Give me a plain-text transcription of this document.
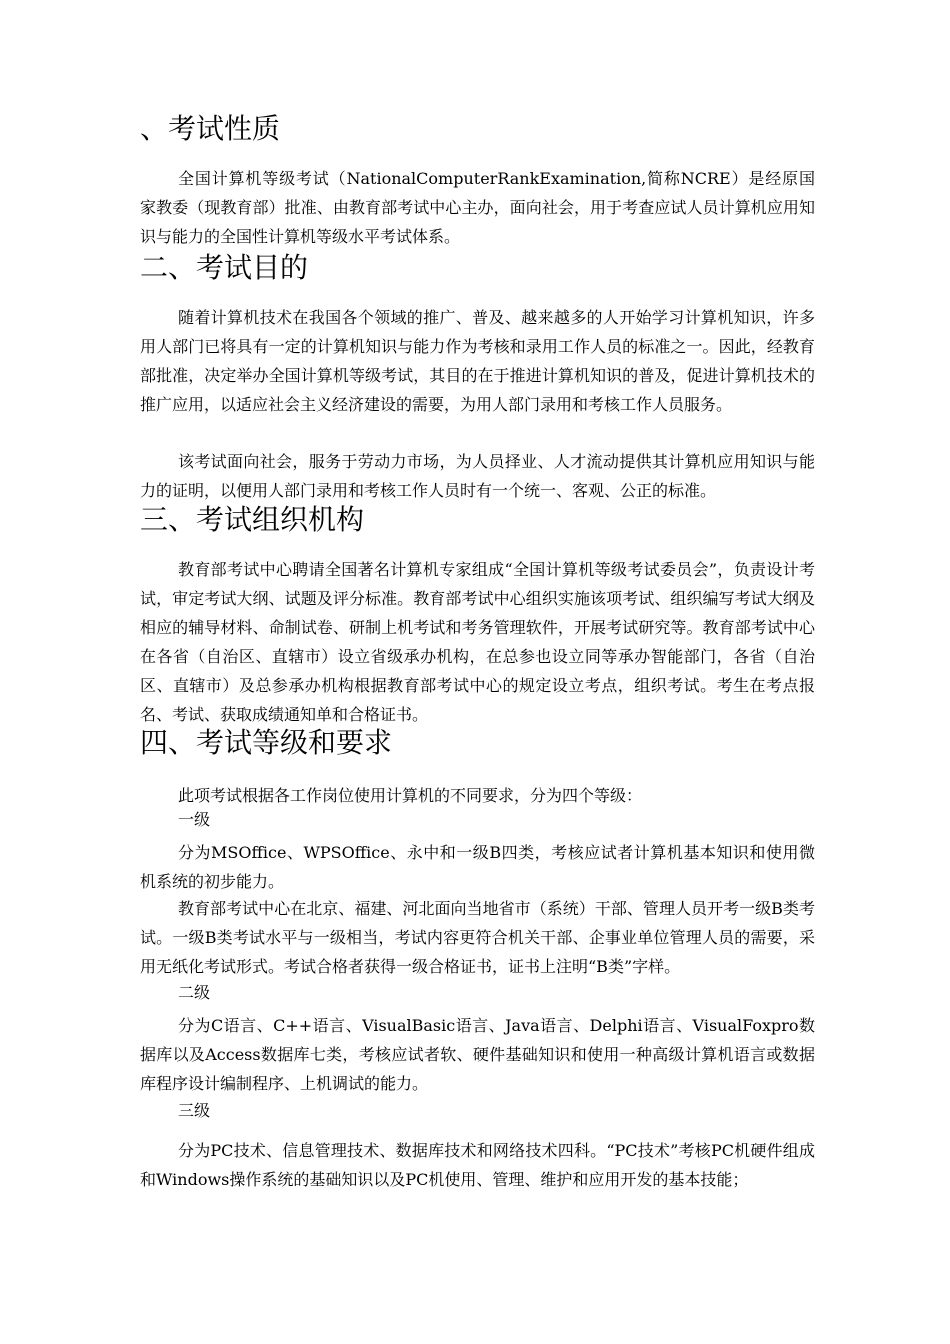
、考试性质

全国计算机等级考试（NationalComputerRankExamination,简称NCRE）是经原国家教委（现教育部）批准、由教育部考试中心主办，面向社会，用于考查应试人员计算机应用知识与能力的全国性计算机等级水平考试体系。

二、考试目的

随着计算机技术在我国各个领域的推广、普及、越来越多的人开始学习计算机知识，许多用人部门已将具有一定的计算机知识与能力作为考核和录用工作人员的标准之一。因此，经教育部批准，决定举办全国计算机等级考试，其目的在于推进计算机知识的普及，促进计算机技术的推广应用，以适应社会主义经济建设的需要，为用人部门录用和考核工作人员服务。

该考试面向社会，服务于劳动力市场，为人员择业、人才流动提供其计算机应用知识与能力的证明，以便用人部门录用和考核工作人员时有一个统一、客观、公正的标准。

三、考试组织机构

教育部考试中心聘请全国著名计算机专家组成“全国计算机等级考试委员会”，负责设计考试，审定考试大纲、试题及评分标准。教育部考试中心组织实施该项考试、组织编写考试大纲及相应的辅导材料、命制试卷、研制上机考试和考务管理软件，开展考试研究等。教育部考试中心在各省（自治区、直辖市）设立省级承办机构，在总参也设立同等承办智能部门，各省（自治区、直辖市）及总参承办机构根据教育部考试中心的规定设立考点，组织考试。考生在考点报名、考试、获取成绩通知单和合格证书。

四、考试等级和要求

此项考试根据各工作岗位使用计算机的不同要求，分为四个等级：

一级

分为MSOffice、WPSOffice、永中和一级B四类，考核应试者计算机基本知识和使用微机系统的初步能力。

教育部考试中心在北京、福建、河北面向当地省市（系统）干部、管理人员开考一级B类考试。一级B类考试水平与一级相当，考试内容更符合机关干部、企事业单位管理人员的需要，采用无纸化考试形式。考试合格者获得一级合格证书，证书上注明“B类”字样。

二级

分为C语言、C++语言、VisualBasic语言、Java语言、Delphi语言、VisualFoxpro数据库以及Access数据库七类，考核应试者软、硬件基础知识和使用一种高级计算机语言或数据库程序设计编制程序、上机调试的能力。

三级

分为PC技术、信息管理技术、数据库技术和网络技术四科。“PC技术”考核PC机硬件组成和Windows操作系统的基础知识以及PC机使用、管理、维护和应用开发的基本技能；
